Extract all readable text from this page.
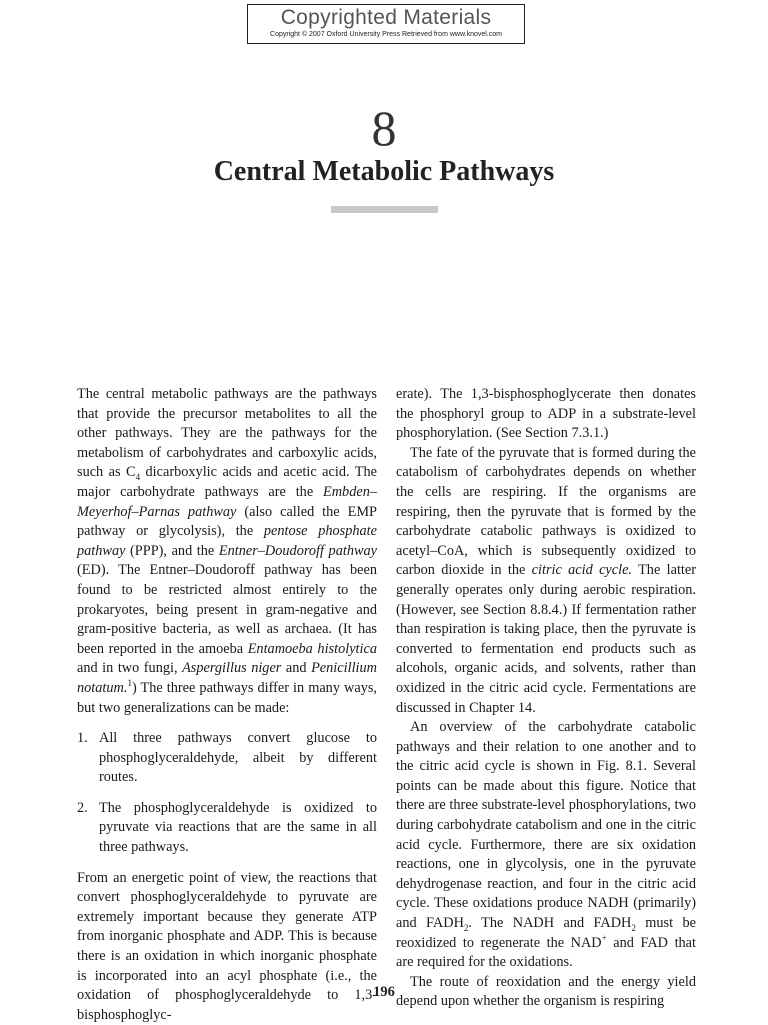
Copyrighted Materials
Copyright © 2007 Oxford University Press Retrieved from www.knovel.com
8
Central Metabolic Pathways

The central metabolic pathways are the pathways that provide the precursor metabolites to all the other pathways. They are the pathways for the metabolism of carbohydrates and carboxylic acids, such as $C_4$ dicarboxylic acids and acetic acid. The major carbohydrate pathways are the Embden–Meyerhof–Parnas pathway (also called the EMP pathway or glycolysis), the pentose phosphate pathway (PPP), and the Entner–Doudoroff pathway (ED). The Entner–Doudoroff pathway has been found to be restricted almost entirely to the prokaryotes, being present in gram-negative and gram-positive bacteria, as well as archaea. (It has been reported in the amoeba Entamoeba histolytica and in two fungi, Aspergillus niger and Penicillium notatum.$^1$) The three pathways differ in many ways, but two generalizations can be made:

1. All three pathways convert glucose to phosphoglyceraldehyde, albeit by different routes.
2. The phosphoglyceraldehyde is oxidized to pyruvate via reactions that are the same in all three pathways.

From an energetic point of view, the reactions that convert phosphoglyceraldehyde to pyruvate are extremely important because they generate ATP from inorganic phosphate and ADP. This is because there is an oxidation in which inorganic phosphate is incorporated into an acyl phosphate (i.e., the oxidation of phosphoglyceraldehyde to 1,3-bisphosphoglyc-

erate). The 1,3-bisphosphoglycerate then donates the phosphoryl group to ADP in a substrate-level phosphorylation. (See Section 7.3.1.)

The fate of the pyruvate that is formed during the catabolism of carbohydrates depends on whether the cells are respiring. If the organisms are respiring, then the pyruvate that is formed by the carbohydrate catabolic pathways is oxidized to acetyl–CoA, which is subsequently oxidized to carbon dioxide in the citric acid cycle. The latter generally operates only during aerobic respiration. (However, see Section 8.8.4.) If fermentation rather than respiration is taking place, then the pyruvate is converted to fermentation end products such as alcohols, organic acids, and solvents, rather than oxidized in the citric acid cycle. Fermentations are discussed in Chapter 14.

An overview of the carbohydrate catabolic pathways and their relation to one another and to the citric acid cycle is shown in Fig. 8.1. Several points can be made about this figure. Notice that there are three substrate-level phosphorylations, two during carbohydrate catabolism and one in the citric acid cycle. Furthermore, there are six oxidation reactions, one in glycolysis, one in the pyruvate dehydrogenase reaction, and four in the citric acid cycle. These oxidations produce NADH (primarily) and $FADH_2$. The NADH and $FADH_2$ must be reoxidized to regenerate the NAD+ and FAD that are required for the oxidations.

The route of reoxidation and the energy yield depend upon whether the organism is respiring

196
